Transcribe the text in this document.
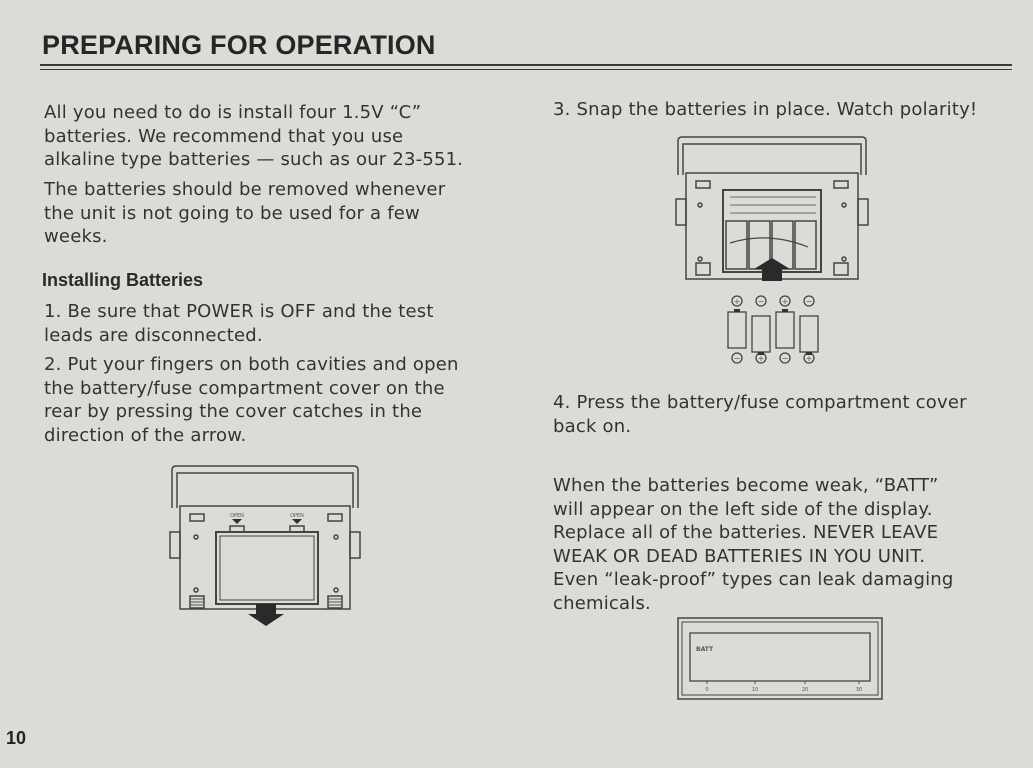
PREPARING FOR OPERATION

All you need to do is install four 1.5V “C”
batteries. We recommend that you use
alkaline type batteries — such as our 23-551.

The batteries should be removed whenever
the unit is not going to be used for a few
weeks.

Installing Batteries

1. Be sure that POWER is OFF and the test
leads are disconnected.

2. Put your fingers on both cavities and open
the battery/fuse compartment cover on the
rear by pressing the cover catches in the
direction of the arrow.

3. Snap the batteries in place. Watch polarity!

4. Press the battery/fuse compartment cover
back on.

When the batteries become weak, “BATT”
will appear on the left side of the display.
Replace all of the batteries. NEVER LEAVE
WEAK OR DEAD BATTERIES IN YOU UNIT.
Even “leak-proof” types can leak damaging
chemicals.

OPEN	OPEN
+ − + −
− + − +
BATT
0	10	20	30

10
